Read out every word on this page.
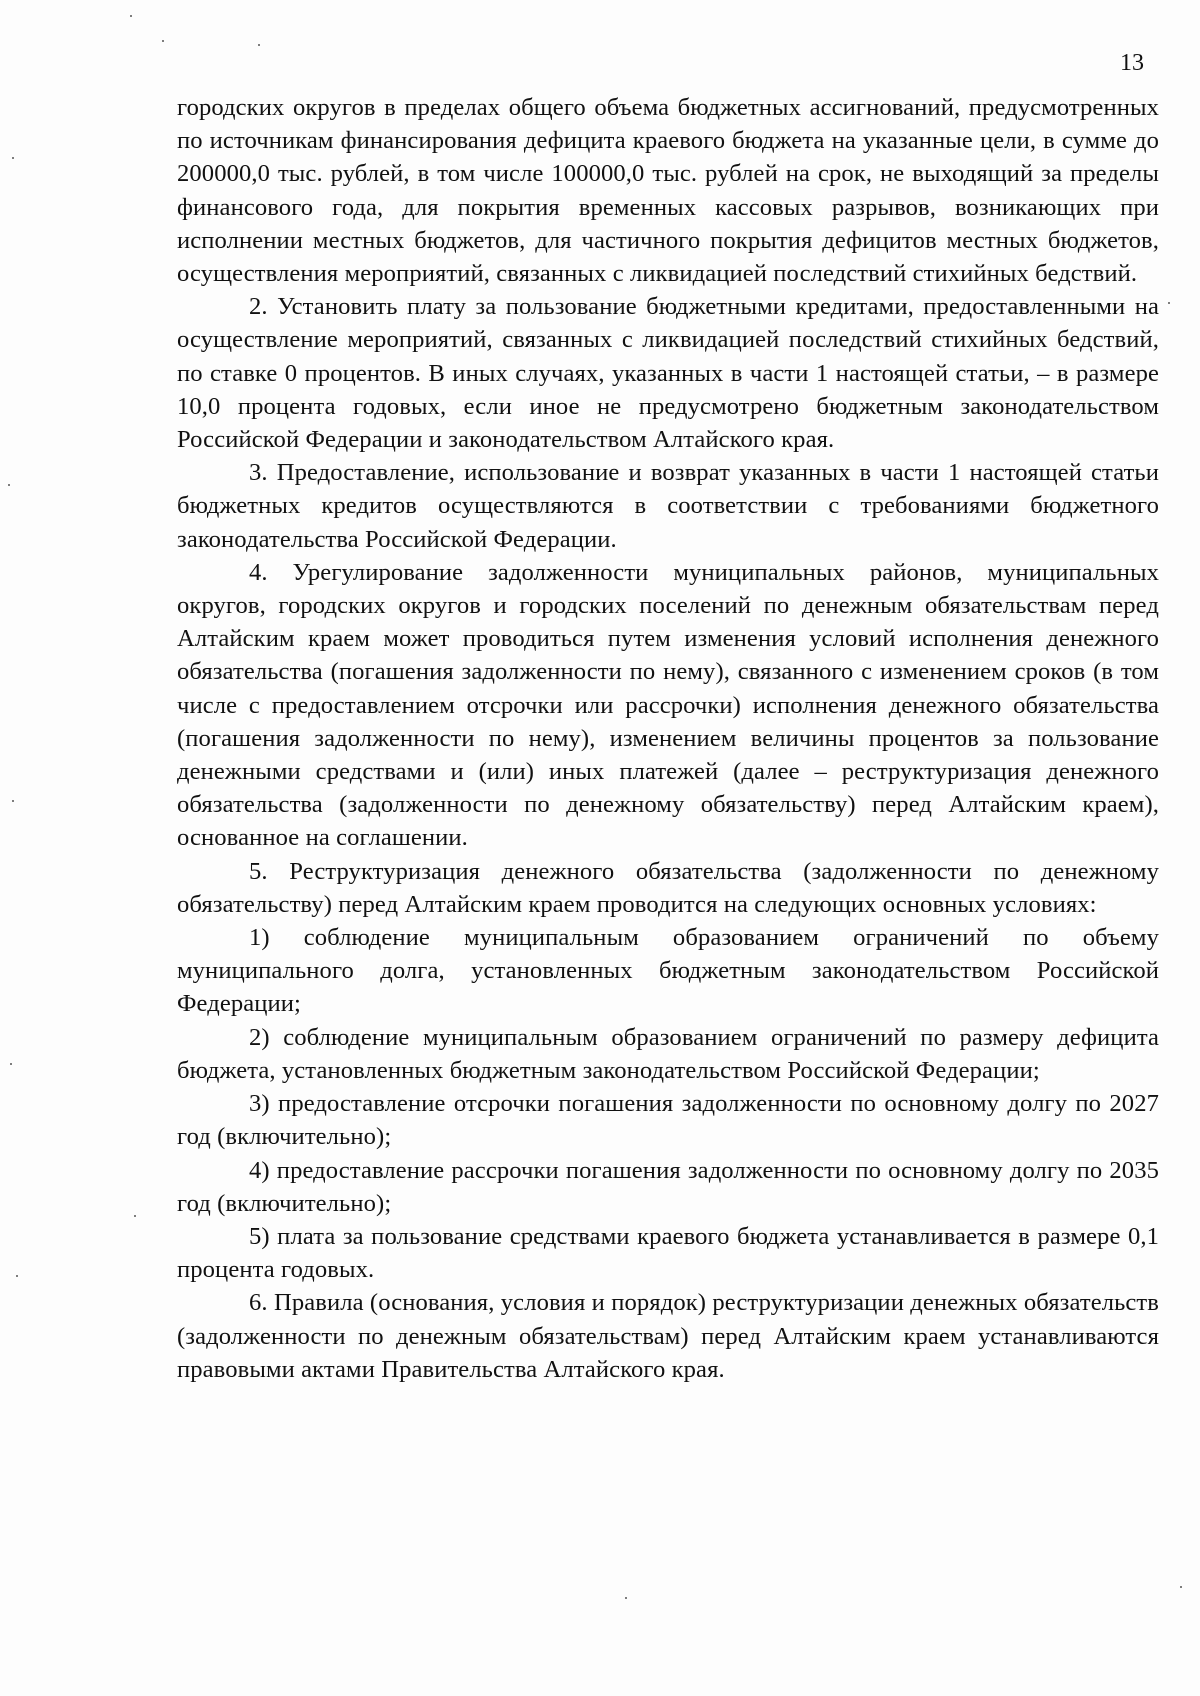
13

городских округов в пределах общего объема бюджетных ассигнований, предусмотренных по источникам финансирования дефицита краевого бюджета на указанные цели, в сумме до 200000,0 тыс. рублей, в том числе 100000,0 тыс. рублей на срок, не выходящий за пределы финансового года, для покрытия временных кассовых разрывов, возникающих при исполнении местных бюджетов, для частичного покрытия дефицитов местных бюджетов, осуществления мероприятий, связанных с ликвидацией последствий стихийных бедствий.

2. Установить плату за пользование бюджетными кредитами, предоставленными на осуществление мероприятий, связанных с ликвидацией последствий стихийных бедствий, по ставке 0 процентов. В иных случаях, указанных в части 1 настоящей статьи, – в размере 10,0 процента годовых, если иное не предусмотрено бюджетным законодательством Российской Федерации и законодательством Алтайского края.

3. Предоставление, использование и возврат указанных в части 1 настоящей статьи бюджетных кредитов осуществляются в соответствии с требованиями бюджетного законодательства Российской Федерации.

4. Урегулирование задолженности муниципальных районов, муниципальных округов, городских округов и городских поселений по денежным обязательствам перед Алтайским краем может проводиться путем изменения условий исполнения денежного обязательства (погашения задолженности по нему), связанного с изменением сроков (в том числе с предоставлением отсрочки или рассрочки) исполнения денежного обязательства (погашения задолженности по нему), изменением величины процентов за пользование денежными средствами и (или) иных платежей (далее – реструктуризация денежного обязательства (задолженности по денежному обязательству) перед Алтайским краем), основанное на соглашении.

5. Реструктуризация денежного обязательства (задолженности по денежному обязательству) перед Алтайским краем проводится на следующих основных условиях:

1) соблюдение муниципальным образованием ограничений по объему муниципального долга, установленных бюджетным законодательством Российской Федерации;

2) соблюдение муниципальным образованием ограничений по размеру дефицита бюджета, установленных бюджетным законодательством Российской Федерации;

3) предоставление отсрочки погашения задолженности по основному долгу по 2027 год (включительно);

4) предоставление рассрочки погашения задолженности по основному долгу по 2035 год (включительно);

5) плата за пользование средствами краевого бюджета устанавливается в размере 0,1 процента годовых.

6. Правила (основания, условия и порядок) реструктуризации денежных обязательств (задолженности по денежным обязательствам) перед Алтайским краем устанавливаются правовыми актами Правительства Алтайского края.
